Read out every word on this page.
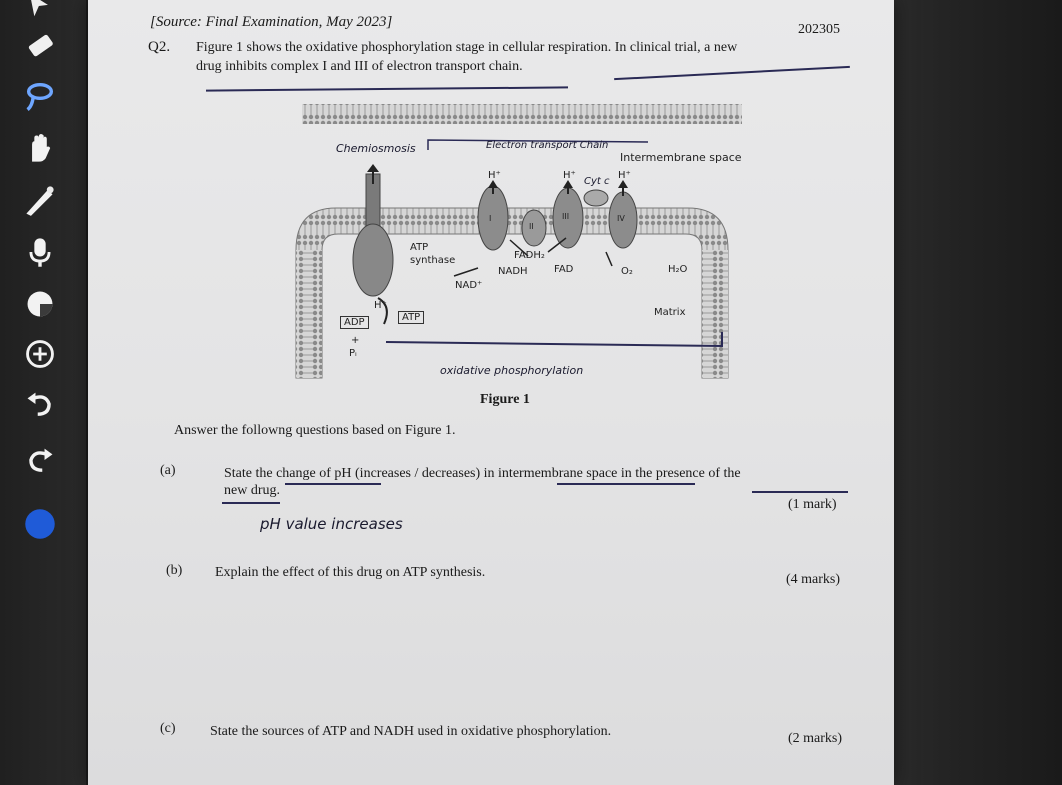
[Source: Final Examination, May 2023]	202305
Q2. Figure 1 shows the oxidative phosphorylation stage in cellular respiration. In clinical trial, a new
drug inhibits complex I and III of electron transport chain.
Chemiosmosis	Electron transport Chain
Intermembrane space
H⁺	H⁺
Cyt c
H⁺
I
II
III	IV
ATP
synthase	FADH₂
NADH	FAD	O₂	H₂O
NAD⁺
H⁺
ATP
ADP
+
Pᵢ
Matrix
oxidative phosphorylation
Figure 1
Answer the followng questions based on Figure 1.
(a)	State the change of pH (increases / decreases) in intermembrane space in the presence of the
new drug.
(1 mark)
pH value increases
(b) Explain the effect of this drug on ATP synthesis.	(4 marks)
(c) State the sources of ATP and NADH used in oxidative phosphorylation.	(2 marks)
